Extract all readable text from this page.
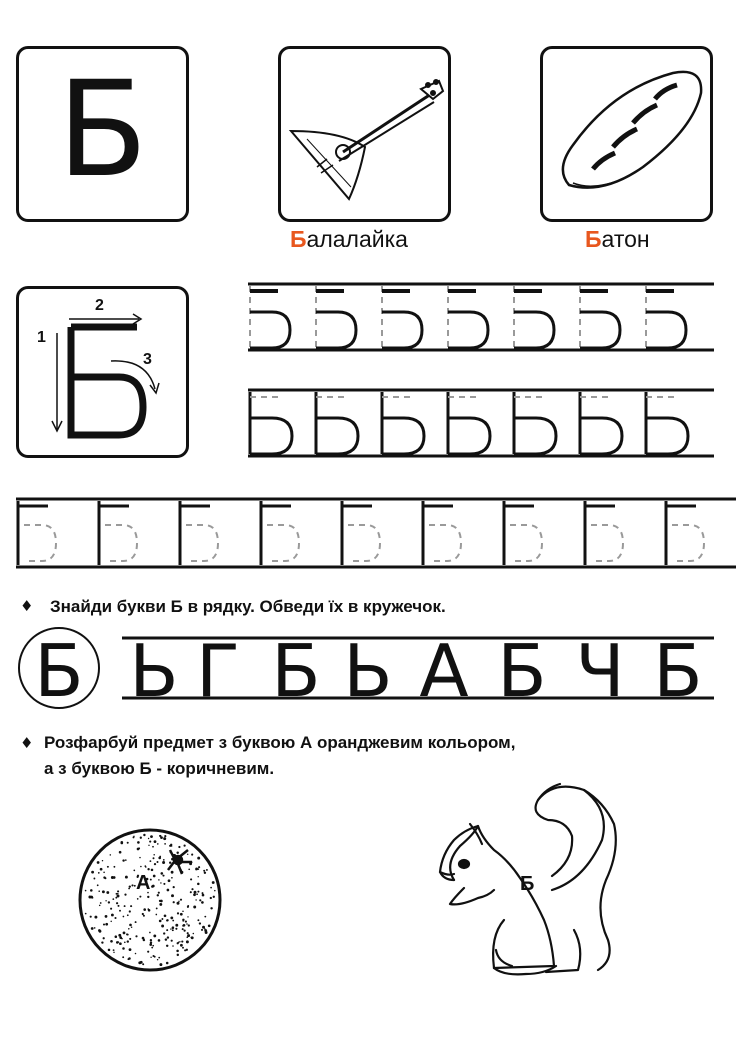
Б
Балалайка	Батон
1
2
3
♦ Знайди букви Б в рядку. Обведи їх в кружечок.
Б Ь Г Б Ь А Б Ч Б
♦ Розфарбуй предмет з буквою А оранджевим кольором,
а з буквою Б - коричневим.
А	Б
